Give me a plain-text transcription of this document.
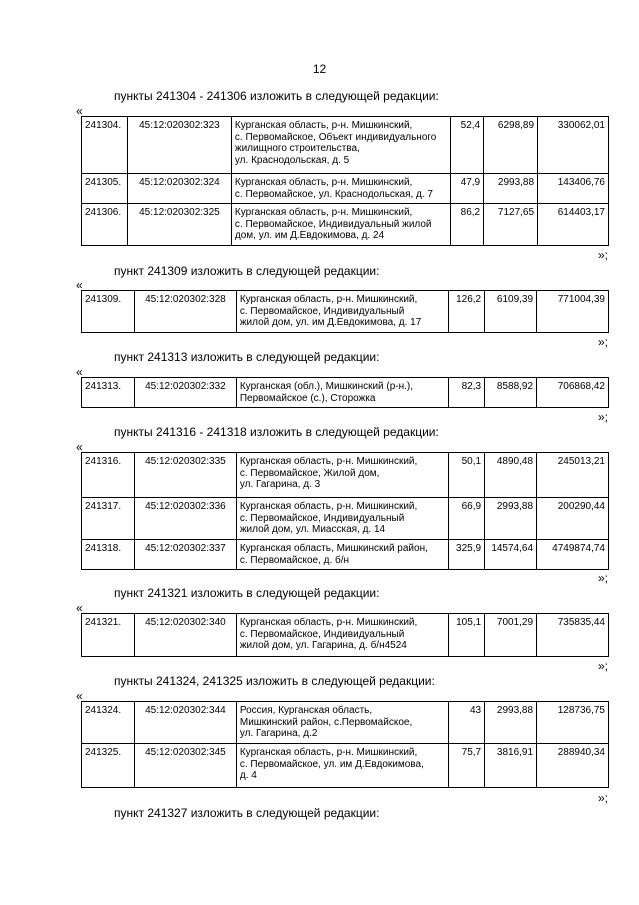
12
пункты 241304 - 241306 изложить в следующей редакции:
«
241304.	45:12:020302:323	Курганская область, р-н. Мишкинский,
с. Первомайское, Объект индивидуального
жилищного строительства,
ул. Краснодольская, д. 5	52,4	6298,89	330062,01
241305.	45:12:020302:324	Курганская область, р-н. Мишкинский,
с. Первомайское, ул. Краснодольская, д. 7	47,9	2993,88	143406,76
241306.	45:12:020302:325	Курганская область, р-н. Мишкинский,
с. Первомайское, Индивидуальный жилой
дом, ул. им Д.Евдокимова, д. 24	86,2	7127,65	614403,17
»;
пункт 241309 изложить в следующей редакции:
«
241309.	45:12:020302:328	Курганская область, р-н. Мишкинский,
с. Первомайское, Индивидуальный
жилой дом, ул. им Д.Евдокимова, д. 17	126,2	6109,39	771004,39
»;
пункт 241313 изложить в следующей редакции:
«
241313.	45:12:020302:332	Курганская (обл.), Мишкинский (р-н.),
Первомайское (с.), Сторожка	82,3	8588,92	706868,42
»;
пункты 241316 - 241318 изложить в следующей редакции:
«
241316.	45:12:020302:335	Курганская область, р-н. Мишкинский,
с. Первомайское, Жилой дом,
ул. Гагарина, д. 3	50,1	4890,48	245013,21
241317.	45:12:020302:336	Курганская область, р-н. Мишкинский,
с. Первомайское, Индивидуальный
жилой дом, ул. Миасская, д. 14	66,9	2993,88	200290,44
241318.	45:12:020302:337	Курганская область, Мишкинский район,
с. Первомайское, д. б/н	325,9	14574,64	4749874,74
»;
пункт 241321 изложить в следующей редакции:
«
241321.	45:12:020302:340	Курганская область, р-н. Мишкинский,
с. Первомайское, Индивидуальный
жилой дом, ул. Гагарина, д. б/н4524	105,1	7001,29	735835,44
»;
пункты 241324, 241325 изложить в следующей редакции:
«
241324.	45:12:020302:344	Россия, Курганская область,
Мишкинский район, с.Первомайское,
ул. Гагарина, д.2	43	2993,88	128736,75
241325.	45:12:020302:345	Курганская область, р-н. Мишкинский,
с. Первомайское, ул. им Д.Евдокимова,
д. 4	75,7	3816,91	288940,34
»;
пункт 241327 изложить в следующей редакции:
